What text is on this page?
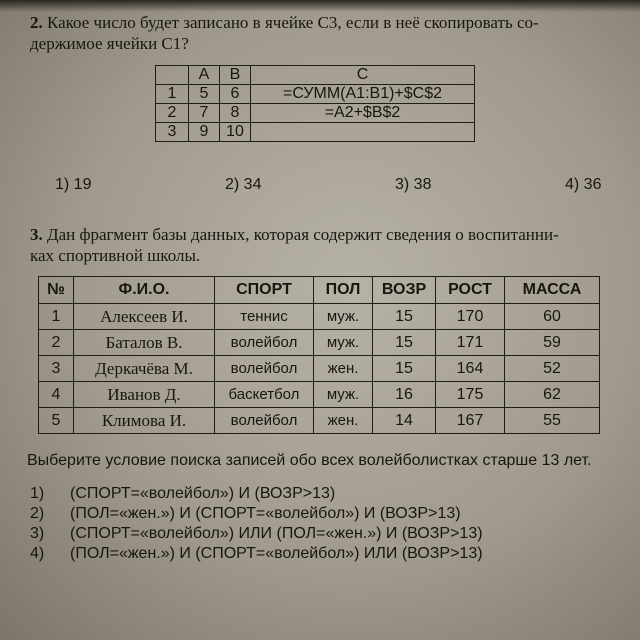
2. Какое число будет записано в ячейке С3, если в неё скопировать со-
держимое ячейки С1?
	A	B	C
1	5	6	=СУММ(A1:B1)+$C$2
2	7	8	=A2+$B$2
3	9	10	
1) 19	2) 34	3) 38	4) 36
3. Дан фрагмент базы данных, которая содержит сведения о воспитанни-
ках спортивной школы.
№	Ф.И.О.	СПОРТ	ПОЛ	ВОЗР	РОСТ	МАССА
1	Алексеев И.	теннис	муж.	15	170	60
2	Баталов В.	волейбол	муж.	15	171	59
3	Деркачёва М.	волейбол	жен.	15	164	52
4	Иванов Д.	баскетбол	муж.	16	175	62
5	Климова И.	волейбол	жен.	14	167	55
Выберите условие поиска записей обо всех волейболистках старше 13 лет.
1)	(СПОРТ=«волейбол») И (ВОЗР>13)
2)	(ПОЛ=«жен.») И (СПОРТ=«волейбол») И (ВОЗР>13)
3)	(СПОРТ=«волейбол») ИЛИ (ПОЛ=«жен.») И (ВОЗР>13)
4)	(ПОЛ=«жен.») И (СПОРТ=«волейбол») ИЛИ (ВОЗР>13)
